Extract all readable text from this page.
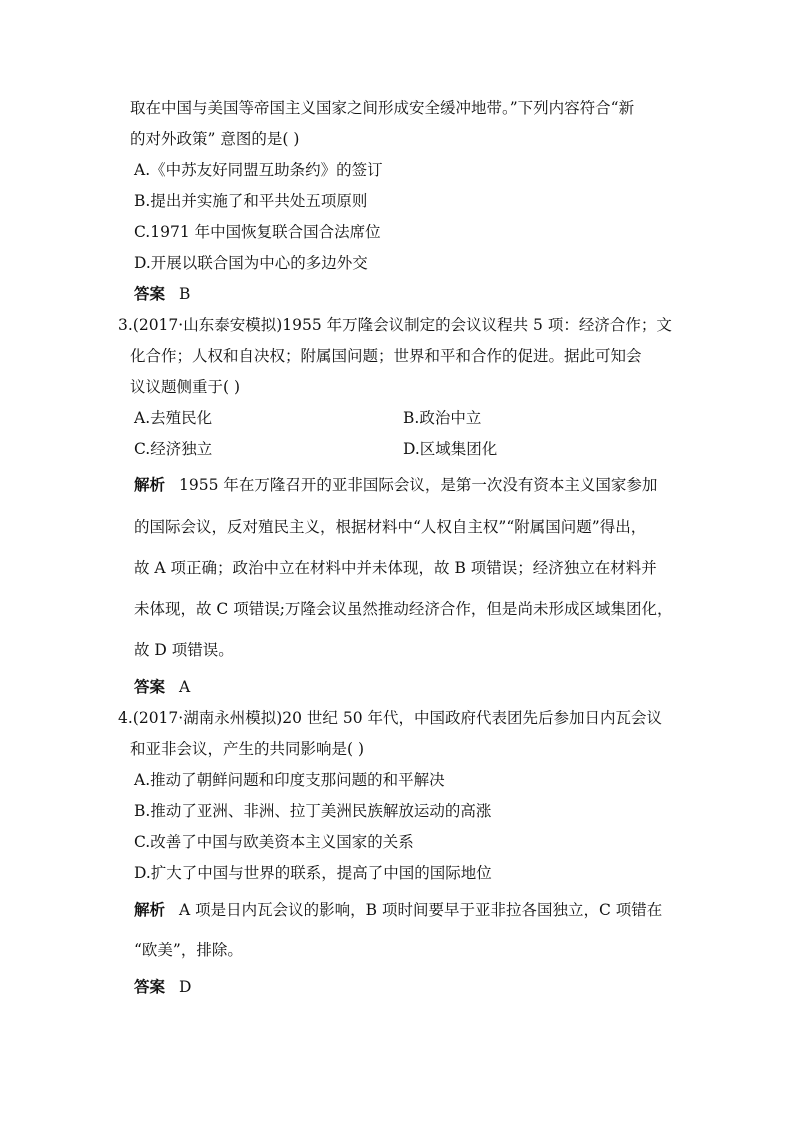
取在中国与美国等帝国主义国家之间形成安全缓冲地带。”下列内容符合“新
的对外政策” 意图的是( )
A.《中苏友好同盟互助条约》的签订
B.提出并实施了和平共处五项原则
C.1971 年中国恢复联合国合法席位
D.开展以联合国为中心的多边外交
答案 B
3.(2017·山东泰安模拟)1955 年万隆会议制定的会议议程共 5 项：经济合作；文
化合作；人权和自决权；附属国问题；世界和平和合作的促进。据此可知会
议议题侧重于( )
A.去殖民化	B.政治中立
C.经济独立	D.区域集团化
解析 1955 年在万隆召开的亚非国际会议，是第一次没有资本主义国家参加
的国际会议，反对殖民主义，根据材料中“人权自主权”“附属国问题”得出，
故 A 项正确；政治中立在材料中并未体现，故 B 项错误；经济独立在材料并
未体现，故 C 项错误;万隆会议虽然推动经济合作，但是尚未形成区域集团化，
故 D 项错误。
答案 A
4.(2017·湖南永州模拟)20 世纪 50 年代，中国政府代表团先后参加日内瓦会议
和亚非会议，产生的共同影响是( )
A.推动了朝鲜问题和印度支那问题的和平解决
B.推动了亚洲、非洲、拉丁美洲民族解放运动的高涨
C.改善了中国与欧美资本主义国家的关系
D.扩大了中国与世界的联系，提高了中国的国际地位
解析 A 项是日内瓦会议的影响，B 项时间要早于亚非拉各国独立，C 项错在
“欧美”，排除。
答案 D
